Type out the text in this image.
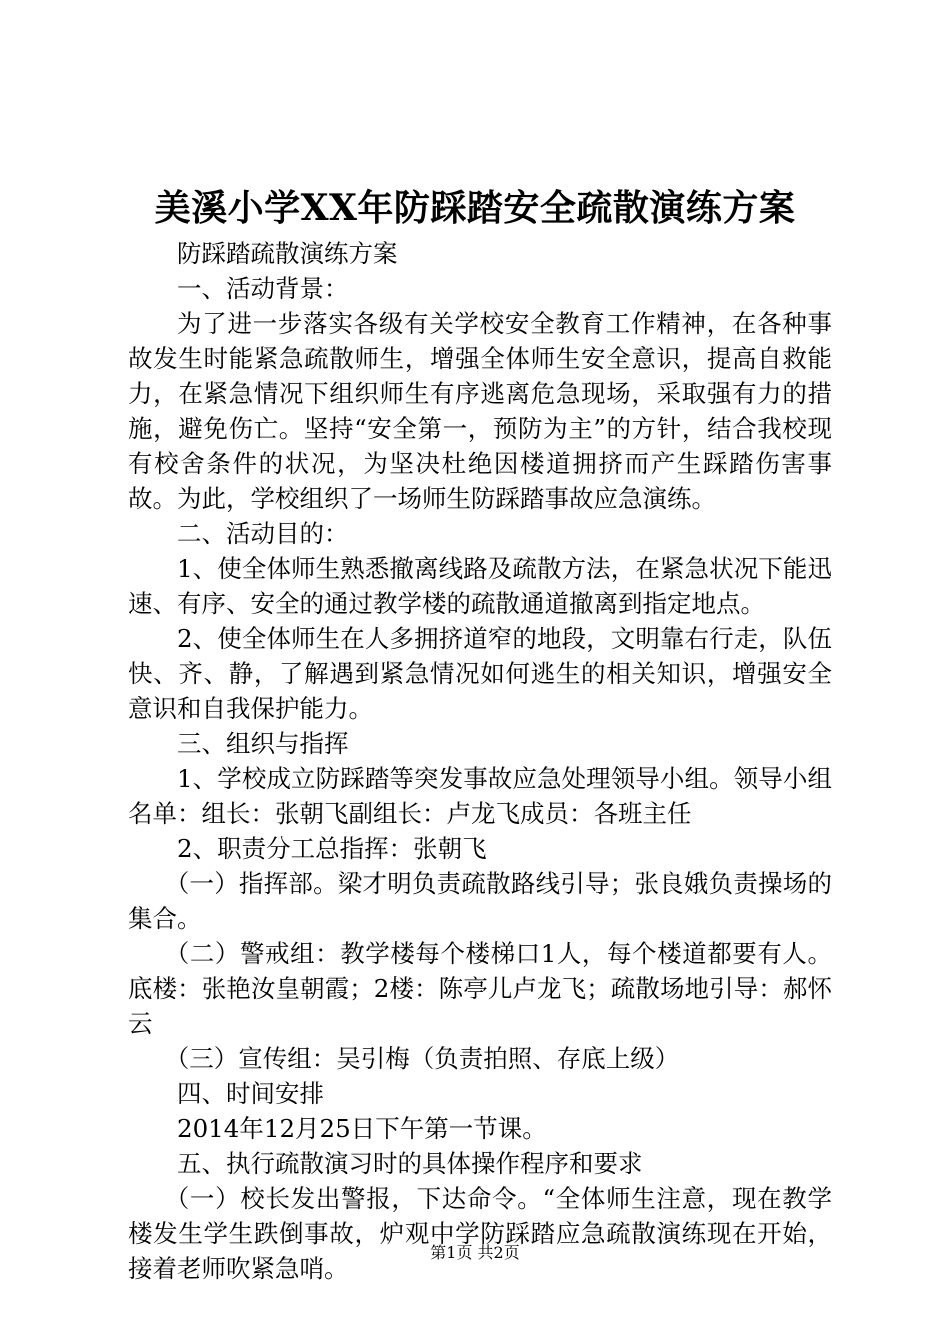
美溪小学XX年防踩踏安全疏散演练方案

防踩踏疏散演练方案

一、活动背景：

为了进一步落实各级有关学校安全教育工作精神，在各种事故发生时能紧急疏散师生，增强全体师生安全意识，提高自救能力，在紧急情况下组织师生有序逃离危急现场，采取强有力的措施，避免伤亡。坚持“安全第一，预防为主”的方针，结合我校现有校舍条件的状况，为坚决杜绝因楼道拥挤而产生踩踏伤害事故。为此，学校组织了一场师生防踩踏事故应急演练。

二、活动目的：

1、使全体师生熟悉撤离线路及疏散方法，在紧急状况下能迅速、有序、安全的通过教学楼的疏散通道撤离到指定地点。

2、使全体师生在人多拥挤道窄的地段，文明靠右行走，队伍快、齐、静，了解遇到紧急情况如何逃生的相关知识，增强安全意识和自我保护能力。

三、组织与指挥

1、学校成立防踩踏等突发事故应急处理领导小组。领导小组名单：组长：张朝飞副组长：卢龙飞成员：各班主任

2、职责分工总指挥：张朝飞

（一）指挥部。梁才明负责疏散路线引导；张良娥负责操场的集合。

（二）警戒组：教学楼每个楼梯口1人，每个楼道都要有人。底楼：张艳汝皇朝霞；2楼：陈亭儿卢龙飞；疏散场地引导：郝怀云

（三）宣传组：吴引梅（负责拍照、存底上级）

四、时间安排

2014年12月25日下午第一节课。

五、执行疏散演习时的具体操作程序和要求

（一）校长发出警报，下达命令。“全体师生注意，现在教学楼发生学生跌倒事故，炉观中学防踩踏应急疏散演练现在开始，接着老师吹紧急哨。

第1页 共2页
